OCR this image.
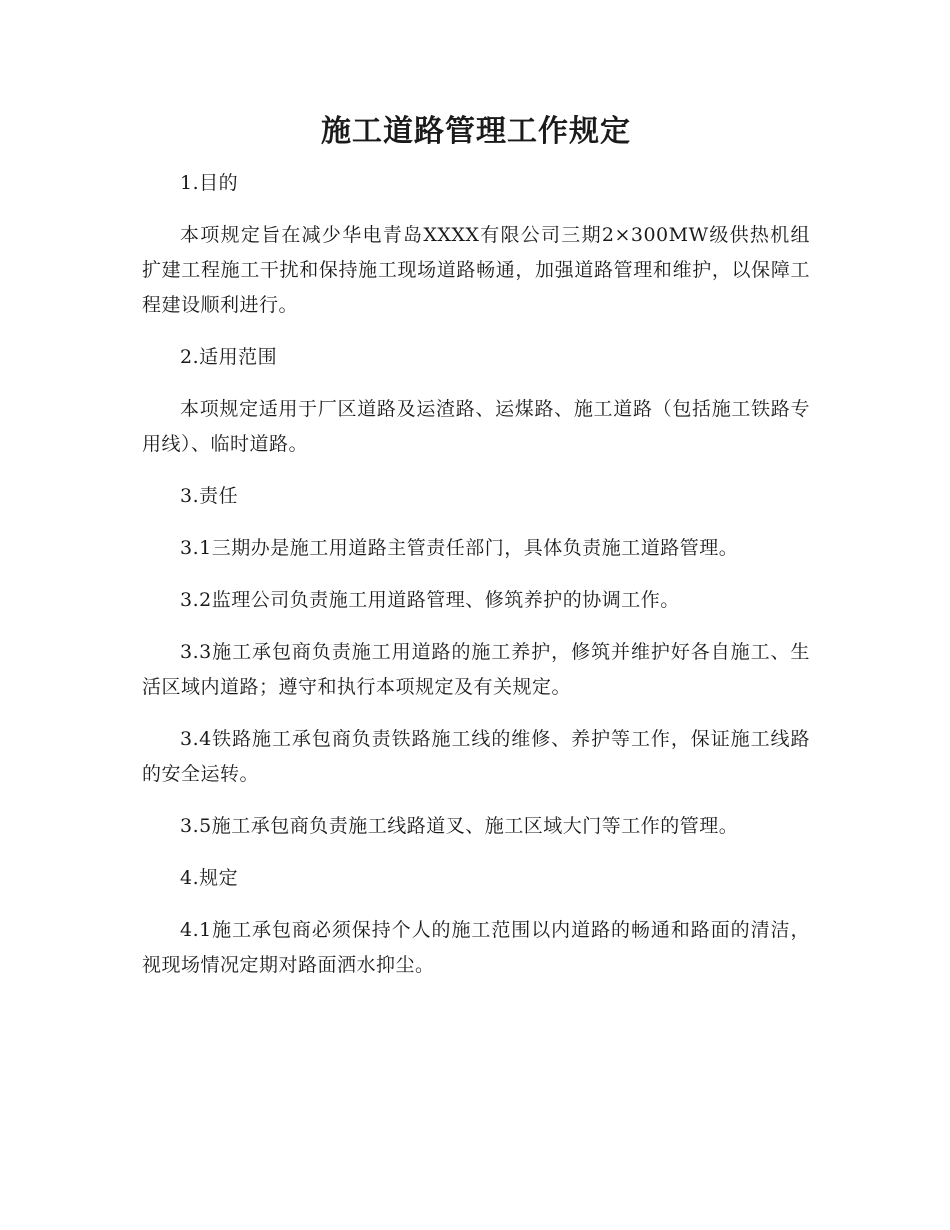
施工道路管理工作规定
1.目的
本项规定旨在减少华电青岛XXXX有限公司三期2×300MW级供热机组扩建工程施工干扰和保持施工现场道路畅通，加强道路管理和维护，以保障工程建设顺利进行。
2.适用范围
本项规定适用于厂区道路及运渣路、运煤路、施工道路（包括施工铁路专用线）、临时道路。
3.责任
3.1三期办是施工用道路主管责任部门，具体负责施工道路管理。
3.2监理公司负责施工用道路管理、修筑养护的协调工作。
3.3施工承包商负责施工用道路的施工养护，修筑并维护好各自施工、生活区域内道路；遵守和执行本项规定及有关规定。
3.4铁路施工承包商负责铁路施工线的维修、养护等工作，保证施工线路的安全运转。
3.5施工承包商负责施工线路道叉、施工区域大门等工作的管理。
4.规定
4.1施工承包商必须保持个人的施工范围以内道路的畅通和路面的清洁，视现场情况定期对路面洒水抑尘。
